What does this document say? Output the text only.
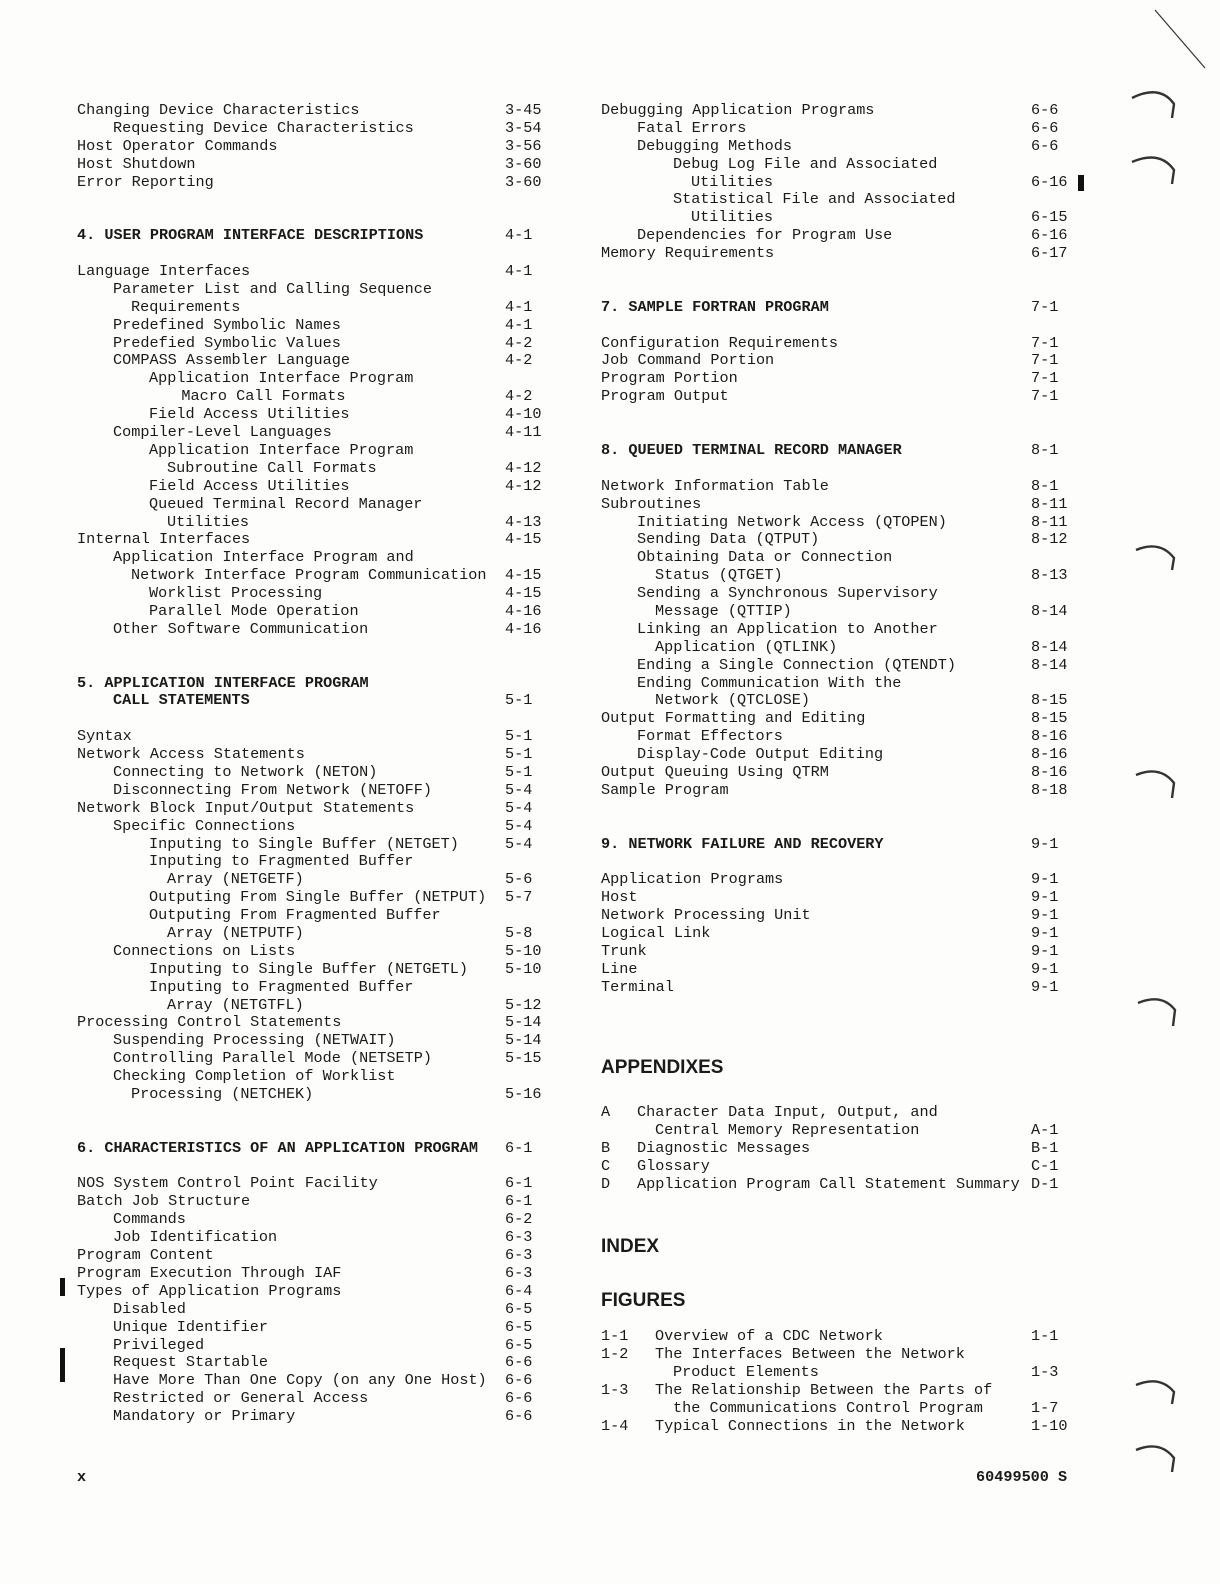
Changing Device Characteristics	3-45
Requesting Device Characteristics	3-54
Host Operator Commands	3-56
Host Shutdown	3-60
Error Reporting	3-60
4. USER PROGRAM INTERFACE DESCRIPTIONS	4-1
Language Interfaces	4-1
Parameter List and Calling Sequence
Requirements	4-1
Predefined Symbolic Names	4-1
Predefied Symbolic Values	4-2
COMPASS Assembler Language	4-2
Application Interface Program
Macro Call Formats	4-2
Field Access Utilities	4-10
Compiler-Level Languages	4-11
Application Interface Program
Subroutine Call Formats	4-12
Field Access Utilities	4-12
Queued Terminal Record Manager
Utilities	4-13
Internal Interfaces	4-15
Application Interface Program and
Network Interface Program Communication 4-15
Worklist Processing	4-15
Parallel Mode Operation	4-16
Other Software Communication	4-16
5. APPLICATION INTERFACE PROGRAM
CALL STATEMENTS	5-1
Syntax	5-1
Network Access Statements	5-1
Connecting to Network (NETON)	5-1
Disconnecting From Network (NETOFF)	5-4
Network Block Input/Output Statements	5-4
Specific Connections	5-4
Inputing to Single Buffer (NETGET)	5-4
Inputing to Fragmented Buffer
Array (NETGETF)	5-6
Outputing From Single Buffer (NETPUT) 5-7
Outputing From Fragmented Buffer
Array (NETPUTF)	5-8
Connections on Lists	5-10
Inputing to Single Buffer (NETGETL) 5-10
Inputing to Fragmented Buffer
Array (NETGTFL)	5-12
Processing Control Statements	5-14
Suspending Processing (NETWAIT)	5-14
Controlling Parallel Mode (NETSETP)	5-15
Checking Completion of Worklist
Processing (NETCHEK)	5-16
6. CHARACTERISTICS OF AN APPLICATION PROGRAM 6-1
NOS System Control Point Facility	6-1
Batch Job Structure	6-1
Commands	6-2
Job Identification	6-3
Program Content	6-3
Program Execution Through IAF	6-3
Types of Application Programs	6-4
Disabled	6-5
Unique Identifier	6-5
Privileged	6-5
Request Startable	6-6
Have More Than One Copy (on any One Host) 6-6
Restricted or General Access	6-6
Mandatory or Primary	6-6
Debugging Application Programs	6-6
Fatal Errors	6-6
Debugging Methods	6-6
Debug Log File and Associated
Utilities	6-16
Statistical File and Associated
Utilities	6-15
Dependencies for Program Use	6-16
Memory Requirements	6-17
7. SAMPLE FORTRAN PROGRAM	7-1
Configuration Requirements	7-1
Job Command Portion	7-1
Program Portion	7-1
Program Output	7-1
8. QUEUED TERMINAL RECORD MANAGER	8-1
Network Information Table	8-1
Subroutines	8-11
Initiating Network Access (QTOPEN)	8-11
Sending Data (QTPUT)	8-12
Obtaining Data or Connection
Status (QTGET)	8-13
Sending a Synchronous Supervisory
Message (QTTIP)	8-14
Linking an Application to Another
Application (QTLINK)	8-14
Ending a Single Connection (QTENDT)	8-14
Ending Communication With the
Network (QTCLOSE)	8-15
Output Formatting and Editing	8-15
Format Effectors	8-16
Display-Code Output Editing	8-16
Output Queuing Using QTRM	8-16
Sample Program	8-18
9. NETWORK FAILURE AND RECOVERY	9-1
Application Programs	9-1
Host	9-1
Network Processing Unit	9-1
Logical Link	9-1
Trunk	9-1
Line	9-1
Terminal	9-1
APPENDIXES
A Character Data Input, Output, and
Central Memory Representation	A-1
B Diagnostic Messages	B-1
C Glossary	C-1
D Application Program Call Statement Summary D-1
INDEX
FIGURES
1-1 Overview of a CDC Network	1-1
1-2 The Interfaces Between the Network
Product Elements	1-3
1-3 The Relationship Between the Parts of
the Communications Control Program	1-7
1-4 Typical Connections in the Network	1-10
x	60499500 S
